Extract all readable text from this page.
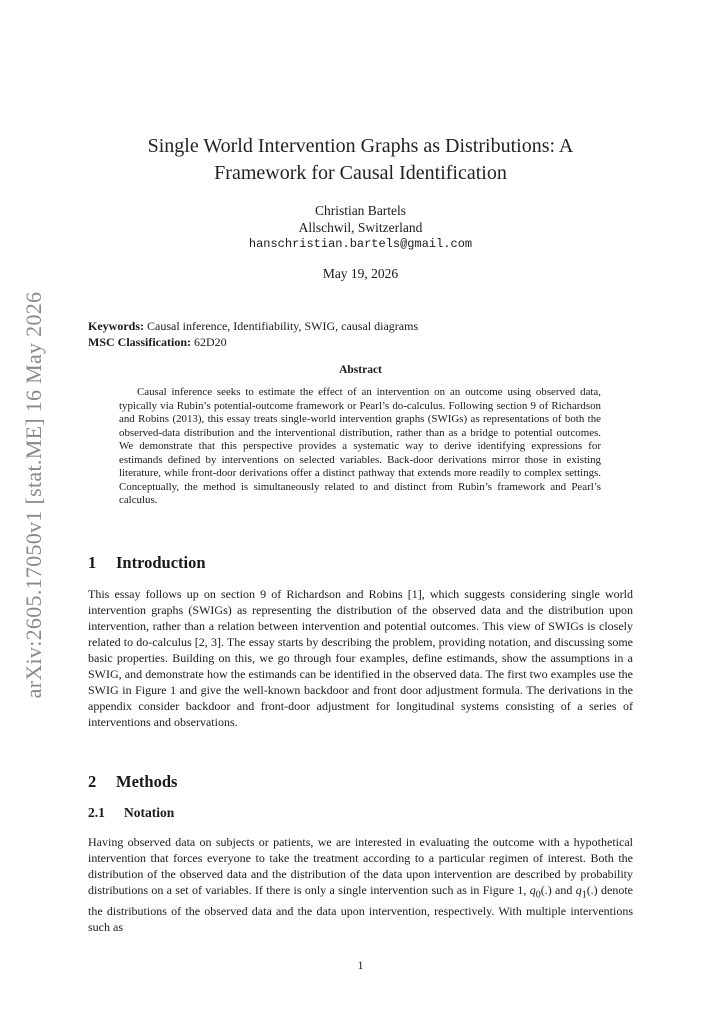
arXiv:2605.17050v1 [stat.ME] 16 May 2026
Single World Intervention Graphs as Distributions: A
Framework for Causal Identification
Christian Bartels
Allschwil, Switzerland
hanschristian.bartels@gmail.com
May 19, 2026
Keywords: Causal inference, Identifiability, SWIG, causal diagrams
MSC Classification: 62D20
Abstract

Causal inference seeks to estimate the effect of an intervention on an outcome using observed data, typically via Rubin’s potential-outcome framework or Pearl’s do-calculus. Following section 9 of Richardson and Robins (2013), this essay treats single-world intervention graphs (SWIGs) as representations of both the observed-data distribution and the interventional distribution, rather than as a bridge to potential outcomes. We demonstrate that this perspective provides a systematic way to derive identifying expressions for estimands defined by interventions on selected variables. Back-door derivations mirror those in existing literature, while front-door derivations offer a distinct pathway that extends more readily to complex settings. Conceptually, the method is simultaneously related to and distinct from Rubin’s framework and Pearl’s calculus.

1 Introduction

This essay follows up on section 9 of Richardson and Robins [1], which suggests considering single world intervention graphs (SWIGs) as representing the distribution of the observed data and the distribution upon intervention, rather than a relation between intervention and potential outcomes. This view of SWIGs is closely related to do-calculus [2, 3]. The essay starts by describing the problem, providing notation, and discussing some basic properties. Building on this, we go through four examples, define estimands, show the assumptions in a SWIG, and demonstrate how the estimands can be identified in the observed data. The first two examples use the SWIG in Figure 1 and give the well-known backdoor and front door adjustment formula. The derivations in the appendix consider backdoor and front-door adjustment for longitudinal systems consisting of a series of interventions and observations.

2 Methods
2.1 Notation

Having observed data on subjects or patients, we are interested in evaluating the outcome with a hypothetical intervention that forces everyone to take the treatment according to a particular regimen of interest. Both the distribution of the observed data and the distribution of the data upon intervention are described by probability distributions on a set of variables. If there is only a single intervention such as in Figure 1, $q_0(.)$ and $q_1(.)$ denote the distributions of the observed data and the data upon intervention, respectively. With multiple interventions such as

1
